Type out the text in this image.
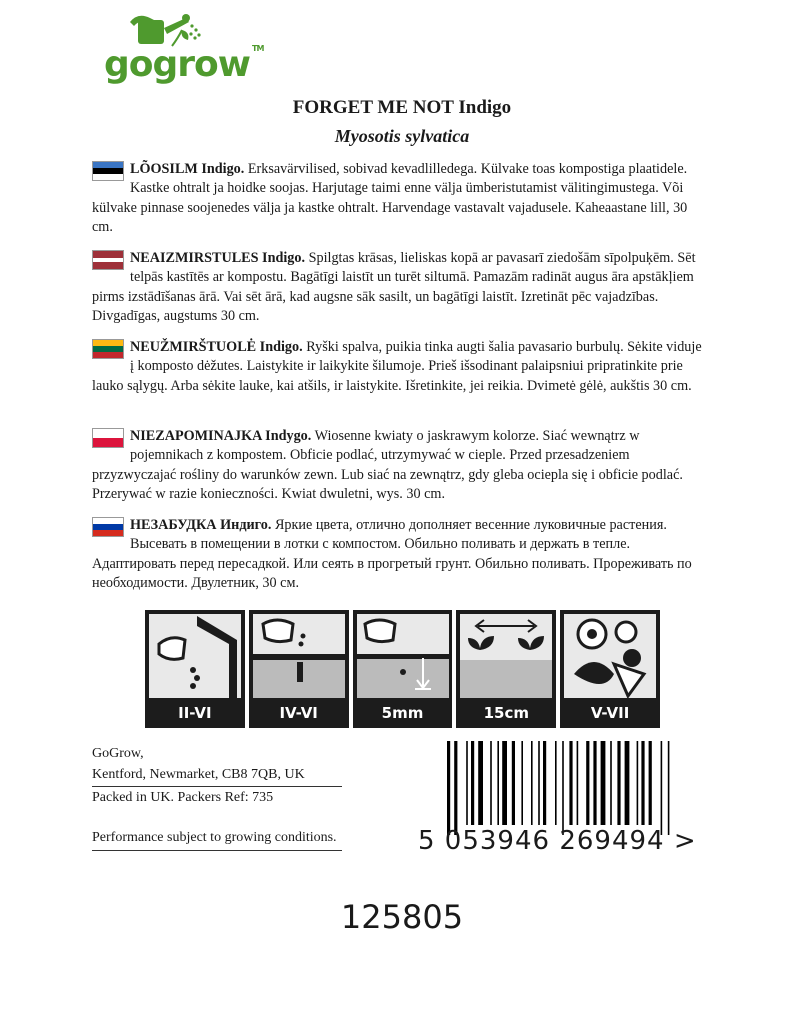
gogrow ™
FORGET ME NOT Indigo
Myosotis sylvatica
LÕOSILM Indigo. Erksavärvilised, sobivad kevadlilledega. Külvake toas kompostiga plaatidele. Kastke ohtralt ja hoidke soojas. Harjutage taimi enne välja ümberistutamist välitingimustega. Või külvake pinnase soojenedes välja ja kastke ohtralt. Harvendage vastavalt vajadusele. Kaheaastane lill, 30 cm.
NEAIZMIRSTULES Indigo. Spilgtas krāsas, lieliskas kopā ar pavasarī ziedošām sīpolpuķēm. Sēt telpās kastītēs ar kompostu. Bagātīgi laistīt un turēt siltumā. Pamazām radināt augus āra apstākļiem pirms izstādīšanas ārā. Vai sēt ārā, kad augsne sāk sasilt, un bagātīgi laistīt. Izretināt pēc vajadzības. Divgadīgas, augstums 30 cm.
NEUŽMIRŠTUOLĖ Indigo. Ryški spalva, puikia tinka augti šalia pavasario burbulų. Sėkite viduje į komposto dėžutes. Laistykite ir laikykite šilumoje. Prieš išsodinant palaipsniui pripratinkite prie lauko sąlygų. Arba sėkite lauke, kai atšils, ir laistykite. Išretinkite, jei reikia. Dvimetė gėlė, aukštis 30 cm.
NIEZAPOMINAJKA Indygo. Wiosenne kwiaty o jaskrawym kolorze. Siać wewnątrz w pojemnikach z kompostem. Obficie podlać, utrzymywać w cieple. Przed przesadzeniem przyzwyczajać rośliny do warunków zewn. Lub siać na zewnątrz, gdy gleba ociepla się i obficie podlać. Przerywać w razie konieczności. Kwiat dwuletni, wys. 30 cm.
НЕЗАБУДКА Индиго. Яркие цвета, отлично дополняет весенние луковичные растения. Высевать в помещении в лотки с компостом. Обильно поливать и держать в тепле. Адаптировать перед пересадкой. Или сеять в прогретый грунт. Обильно поливать. Прореживать по необходимости. Двулетник, 30 см.
II-VI	IV-VI	5mm	15cm	V-VII
GoGrow,
Kentford, Newmarket, CB8 7QB, UK
Packed in UK. Packers Ref: 735
Performance subject to growing conditions.	5 053946 269494 >
125805
